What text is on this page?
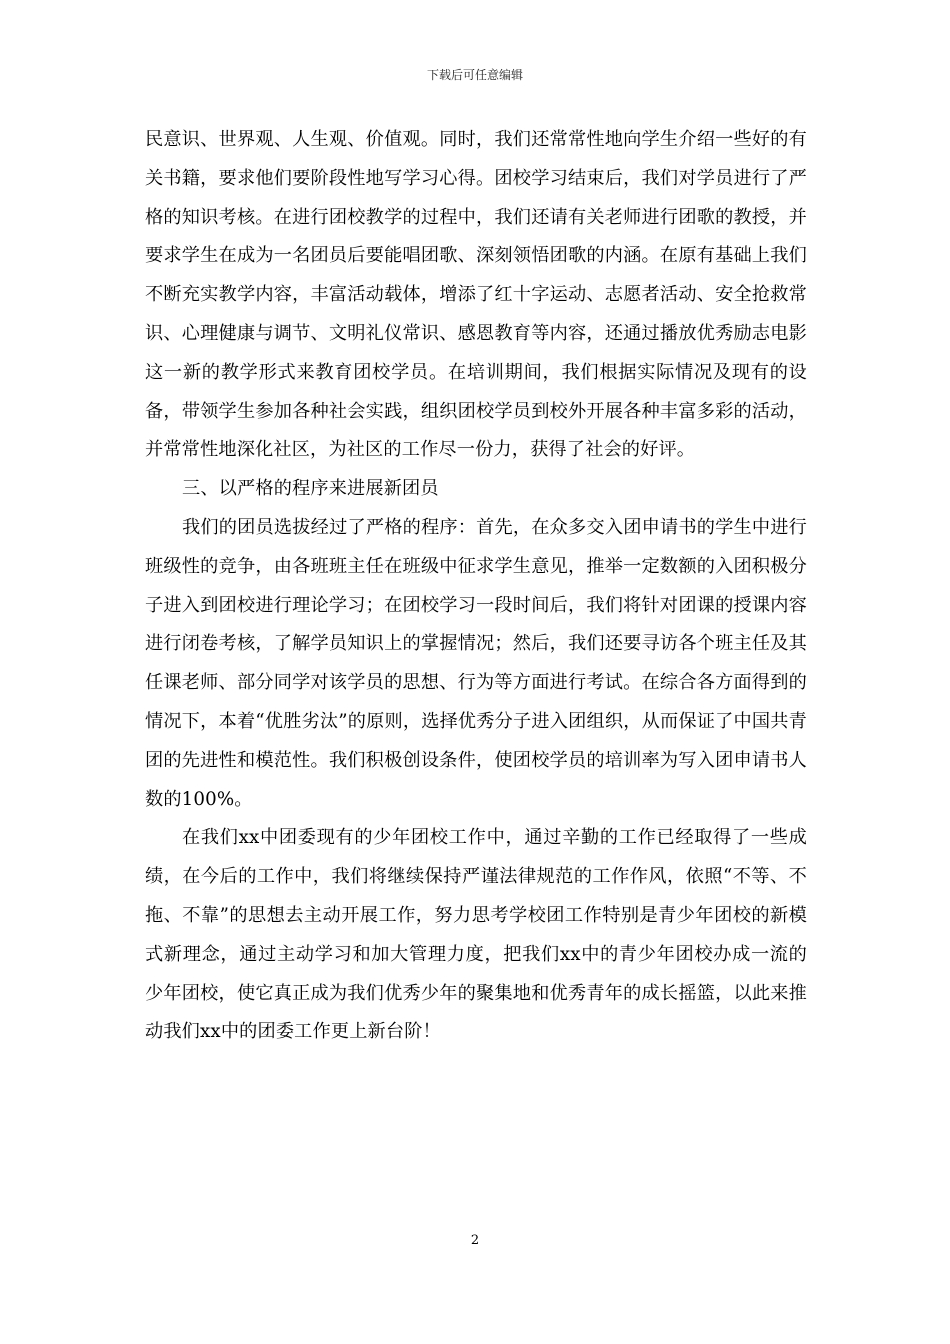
下载后可任意编辑

民意识、世界观、人生观、价值观。同时，我们还常常性地向学生介绍一些好的有关书籍，要求他们要阶段性地写学习心得。团校学习结束后，我们对学员进行了严格的知识考核。在进行团校教学的过程中，我们还请有关老师进行团歌的教授，并要求学生在成为一名团员后要能唱团歌、深刻领悟团歌的内涵。在原有基础上我们不断充实教学内容，丰富活动载体，增添了红十字运动、志愿者活动、安全抢救常识、心理健康与调节、文明礼仪常识、感恩教育等内容，还通过播放优秀励志电影这一新的教学形式来教育团校学员。在培训期间，我们根据实际情况及现有的设备，带领学生参加各种社会实践，组织团校学员到校外开展各种丰富多彩的活动，并常常性地深化社区，为社区的工作尽一份力，获得了社会的好评。

三、以严格的程序来进展新团员

我们的团员选拔经过了严格的程序：首先，在众多交入团申请书的学生中进行班级性的竞争，由各班班主任在班级中征求学生意见，推举一定数额的入团积极分子进入到团校进行理论学习；在团校学习一段时间后，我们将针对团课的授课内容进行闭卷考核，了解学员知识上的掌握情况；然后，我们还要寻访各个班主任及其任课老师、部分同学对该学员的思想、行为等方面进行考试。在综合各方面得到的情况下，本着“优胜劣汰”的原则，选择优秀分子进入团组织，从而保证了中国共青团的先进性和模范性。我们积极创设条件，使团校学员的培训率为写入团申请书人数的100%。

在我们xx中团委现有的少年团校工作中，通过辛勤的工作已经取得了一些成绩，在今后的工作中，我们将继续保持严谨法律规范的工作作风，依照“不等、不拖、不靠”的思想去主动开展工作，努力思考学校团工作特别是青少年团校的新模式新理念，通过主动学习和加大管理力度，把我们xx中的青少年团校办成一流的少年团校，使它真正成为我们优秀少年的聚集地和优秀青年的成长摇篮，以此来推动我们xx中的团委工作更上新台阶！

2
